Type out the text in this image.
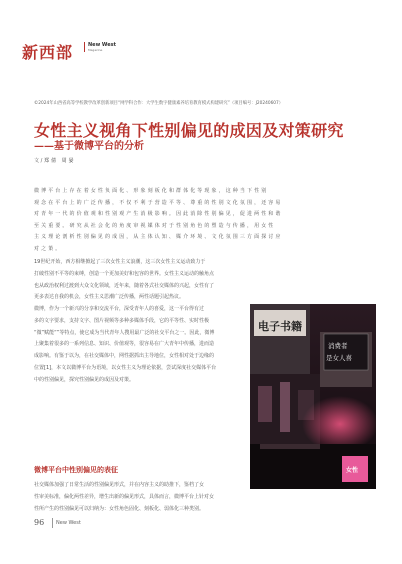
新西部	New West
Magazine
©2024年山西省高等学校教学改革创新项目“网学科合作：大学生数字健康素养培育教育模式构建研究”（项目编号：J20240607）
女性主义视角下性别偏见的成因及对策研究
——基于微博平台的分析
文 / 郑倩 周晏
微博平台上存在着女性负面化、形象刻板化和群体化等现象，这种当下性别
观念在平台上的广泛传播，不仅不利于营造平等、尊重的性别文化氛围，还容易
对青年一代的价值观和性别观产生消极影响。因此消除性别偏见，促进两性和谐
至关重要。研究从社会化的角度审视媒体对于性别角色的塑造与传播，用女性
主义理论剖析性别偏见的成因，从主体认知、媒介环境、文化氛围三方面探讨应
对之策。
19世纪开始，西方相继掀起了三次女性主义浪潮，这三次女性主义运动致力于
打破性别不平等的束缚，创造一个更加美好和包容的世界。女性主义运动的触角点
也从政治权利过渡到大众文化领域，近年来，随着各式社交媒体的兴起，女性有了
更多表达自我的机会，女性主义思潮广泛传播，两性话题引起热议。
微博，作为一个新兴的分享和交流平台，深受青年人的喜爱，这一平台得有过
多的文字要求，支持文字、图片视频等多种多媒体手段，它的平等性、实时性极
“微”赋能“”等特点，使它成为当代青年人搜用最广泛的社交平台之一。因此，微博
上聚集着很多的一系列信息、知识、价值观等，很容易在广大青年中传播，进而造
成影响。有鉴于以为，在社交媒体中，网性据抓出主导地位，女性相对处于边缘的
位置[1]，本文以微博平台为语境，以女性主义为理论依据，尝试深度社交媒体平台
中的性别偏见，探究性别偏见的成因及对策。
电子书籍
消费者
是女人喜
女性
微博平台中性别偏见的表征
社交媒体加强了日常生活的性别偏见形式，并在内容主义的助推下，鉴档了女
性审美标准，偏化两性差异，增生出新的偏见形式，具体而言，微博平台上针对女
性所产生的性别偏见可以归纳为：女性角色固化、刻板化、弱体化三种类别。
96 New West
